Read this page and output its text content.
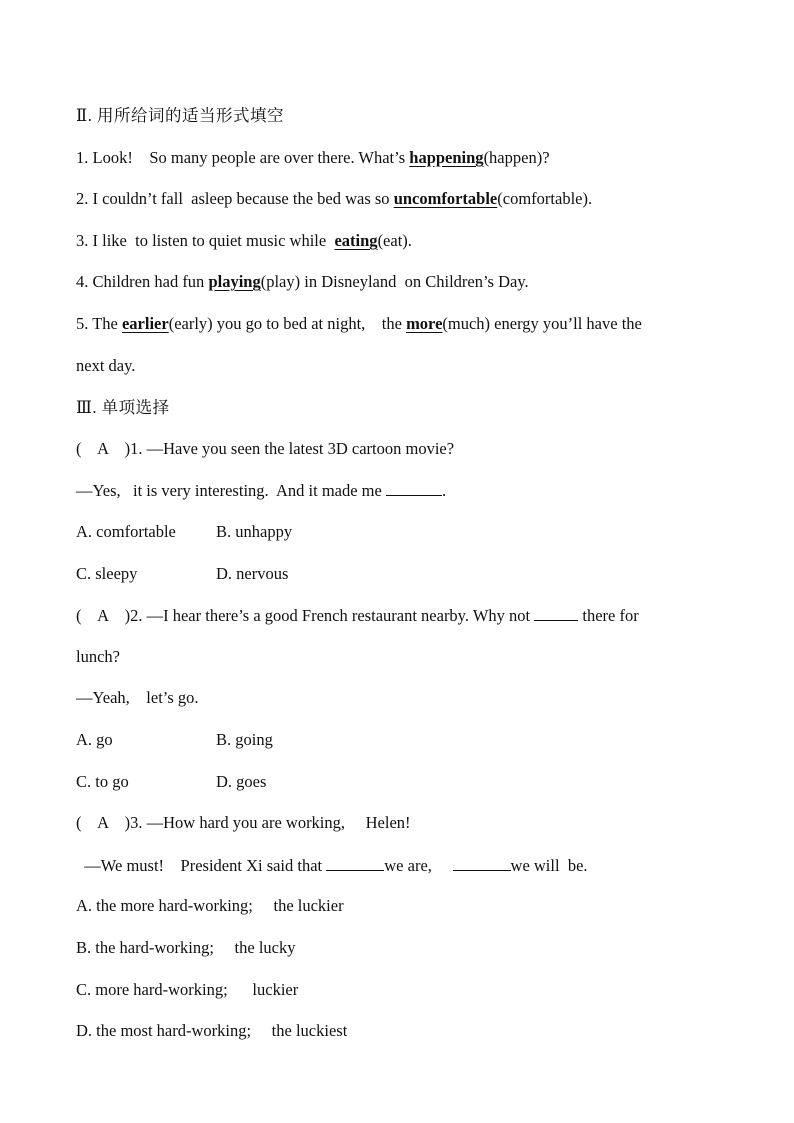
Ⅱ. 用所给词的适当形式填空
1. Look!    So many people are over there. What’s happening(happen)?
2. I couldn’t fall  asleep because the bed was so uncomfortable(comfortable).
3. I like  to listen to quiet music while  eating(eat).
4. Children had fun playing(play) in Disneyland  on Children’s Day.
5. The earlier(early) you go to bed at night,    the more(much) energy you’ll have the
next day.
Ⅲ. 单项选择
(    A )1. —Have you seen the latest 3D cartoon movie?
—Yes,   it is very interesting.  And it made me	.
A. comfortable B. unhappy
C. sleepy	D. nervous
(    A )2. —I hear there’s a good French restaurant nearby. Why not	there for
lunch?
—Yeah,    let’s go.
A. go	B. going
C. to go	D. goes
(    A )3. —How hard you are working,     Helen!
—We must!    President Xi said that	we are,	we will  be.
A. the more hard-working;     the luckier
B. the hard-working;     the lucky
C. more hard-working;      luckier
D. the most hard-working;     the luckiest
